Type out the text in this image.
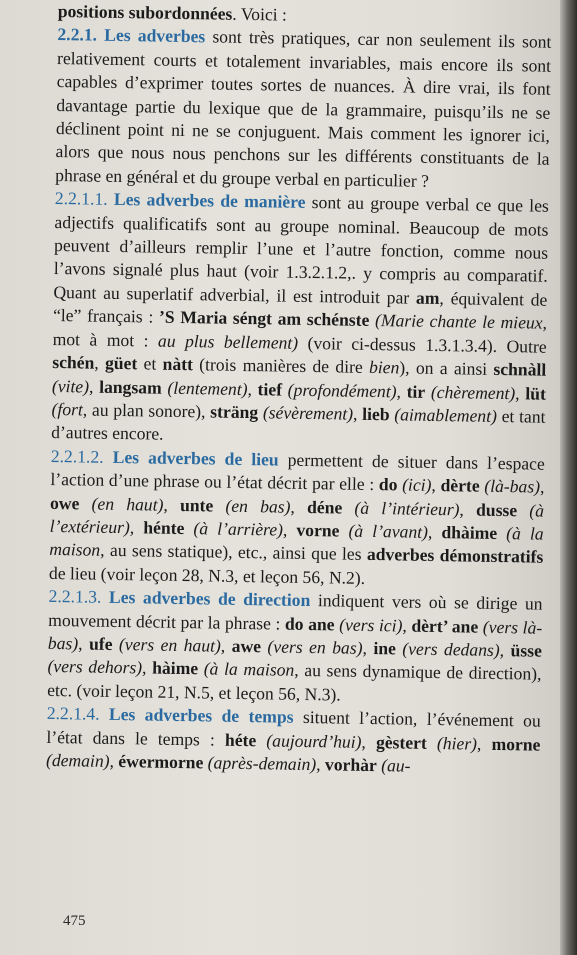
positions subordonnées. Voici :

2.2.1. Les adverbes sont très pratiques, car non seulement ils sont relativement courts et totalement invariables, mais encore ils sont capables d’exprimer toutes sortes de nuances. À dire vrai, ils font davantage partie du lexique que de la grammaire, puisqu’ils ne se déclinent point ni ne se conjuguent. Mais comment les ignorer ici, alors que nous nous penchons sur les différents constituants de la phrase en général et du groupe verbal en particulier ?

2.2.1.1. Les adverbes de manière sont au groupe verbal ce que les adjectifs qualificatifs sont au groupe nominal. Beaucoup de mots peuvent d’ailleurs remplir l’une et l’autre fonction, comme nous l’avons signalé plus haut (voir 1.3.2.1.2,. y compris au comparatif. Quant au superlatif adverbial, il est introduit par am, équivalent de “le” français : ’S Maria séngt am schénste (Marie chante le mieux, mot à mot : au plus bellement) (voir ci-dessus 1.3.1.3.4). Outre schén, güet et nàtt (trois manières de dire bien), on a ainsi schnàll (vite), langsam (lentement), tief (profondément), tir (chèrement), lüt (fort, au plan sonore), sträng (sévèrement), lieb (aimablement) et tant d’autres encore.

2.2.1.2. Les adverbes de lieu permettent de situer dans l’espace l’action d’une phrase ou l’état décrit par elle : do (ici), dèrte (là-bas), owe (en haut), unte (en bas), déne (à l’intérieur), dusse (à l’extérieur), hénte (à l’arrière), vorne (à l’avant), dhàime (à la maison, au sens statique), etc., ainsi que les adverbes démonstratifs de lieu (voir leçon 28, N.3, et leçon 56, N.2).

2.2.1.3. Les adverbes de direction indiquent vers où se dirige un mouvement décrit par la phrase : do ane (vers ici), dèrt’ ane (vers là-bas), ufe (vers en haut), awe (vers en bas), ine (vers dedans), üsse (vers dehors), hàime (à la maison, au sens dynamique de direction), etc. (voir leçon 21, N.5, et leçon 56, N.3).

2.2.1.4. Les adverbes de temps situent l’action, l’événement ou l’état dans le temps : héte (aujourd’hui), gèstert (hier), morne (demain), éwermorne (après-demain), vorhàr (au-

475
